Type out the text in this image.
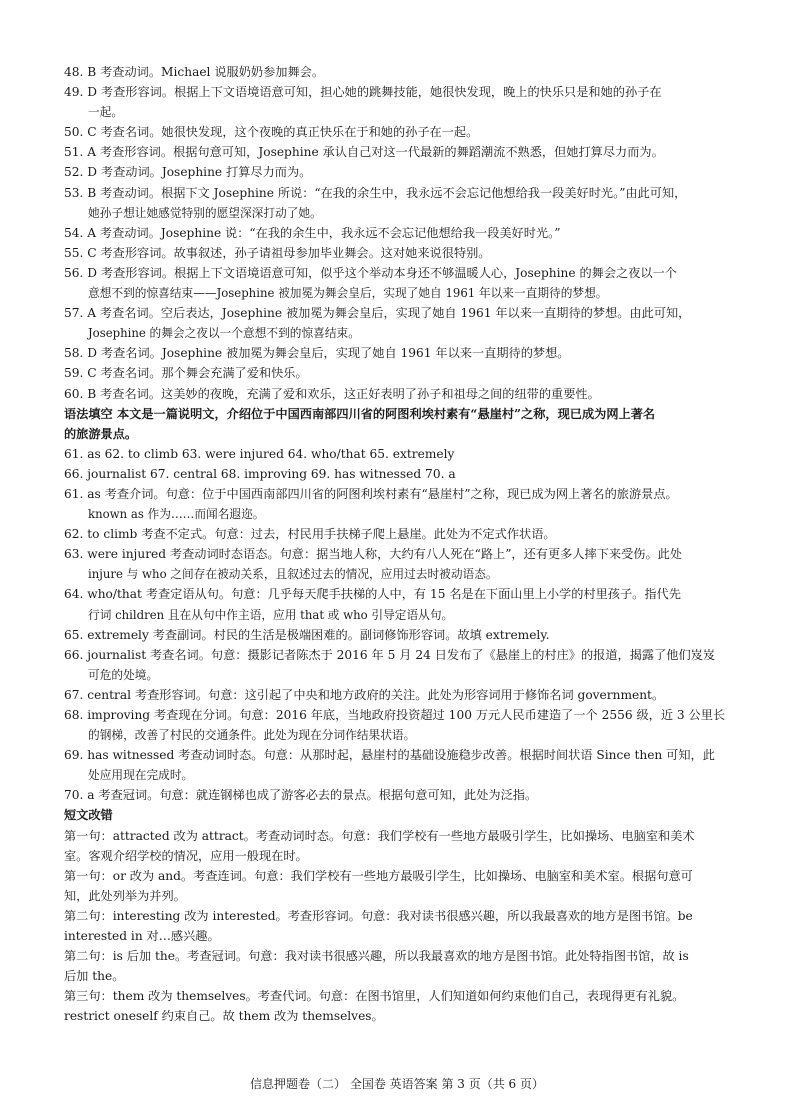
48. B 考查动词。Michael 说服奶奶参加舞会。
49. D 考查形容词。根据上下文语境语意可知，担心她的跳舞技能，她很快发现，晚上的快乐只是和她的孙子在
一起。
50. C 考查名词。她很快发现，这个夜晚的真正快乐在于和她的孙子在一起。
51. A 考查形容词。根据句意可知，Josephine 承认自己对这一代最新的舞蹈潮流不熟悉，但她打算尽力而为。
52. D 考查动词。Josephine 打算尽力而为。
53. B 考查动词。根据下文 Josephine 所说：“在我的余生中，我永远不会忘记他想给我一段美好时光。”由此可知，
她孙子想让她感觉特别的愿望深深打动了她。
54. A 考查动词。Josephine 说：“在我的余生中，我永远不会忘记他想给我一段美好时光。”
55. C 考查形容词。故事叙述，孙子请祖母参加毕业舞会。这对她来说很特别。
56. D 考查形容词。根据上下文语境语意可知，似乎这个举动本身还不够温暖人心，Josephine 的舞会之夜以一个
意想不到的惊喜结束——Josephine 被加冕为舞会皇后，实现了她自 1961 年以来一直期待的梦想。
57. A 考查名词。空后表达，Josephine 被加冕为舞会皇后，实现了她自 1961 年以来一直期待的梦想。由此可知，
Josephine 的舞会之夜以一个意想不到的惊喜结束。
58. D 考查名词。Josephine 被加冕为舞会皇后，实现了她自 1961 年以来一直期待的梦想。
59. C 考查名词。那个舞会充满了爱和快乐。
60. B 考查名词。这美妙的夜晚，充满了爱和欢乐，这正好表明了孙子和祖母之间的纽带的重要性。
语法填空 本文是一篇说明文，介绍位于中国西南部四川省的阿图利埃村素有“悬崖村”之称，现已成为网上著名
的旅游景点。
61. as 62. to climb 63. were injured 64. who/that 65. extremely
66. journalist 67. central 68. improving 69. has witnessed 70. a
61. as 考查介词。句意：位于中国西南部四川省的阿图利埃村素有“悬崖村”之称，现已成为网上著名的旅游景点。
known as 作为……而闻名遐迩。
62. to climb 考查不定式。句意：过去，村民用手扶梯子爬上悬崖。此处为不定式作状语。
63. were injured 考查动词时态语态。句意：据当地人称，大约有八人死在“路上”，还有更多人摔下来受伤。此处
injure 与 who 之间存在被动关系，且叙述过去的情况，应用过去时被动语态。
64. who/that 考查定语从句。句意：几乎每天爬手扶梯的人中，有 15 名是在下面山里上小学的村里孩子。指代先
行词 children 且在从句中作主语，应用 that 或 who 引导定语从句。
65. extremely 考查副词。村民的生活是极端困难的。副词修饰形容词。故填 extremely.
66. journalist 考查名词。句意：摄影记者陈杰于 2016 年 5 月 24 日发布了《悬崖上的村庄》的报道，揭露了他们岌岌
可危的处境。
67. central 考查形容词。句意：这引起了中央和地方政府的关注。此处为形容词用于修饰名词 government。
68. improving 考查现在分词。句意：2016 年底，当地政府投资超过 100 万元人民币建造了一个 2556 级，近 3 公里长
的钢梯，改善了村民的交通条件。此处为现在分词作结果状语。
69. has witnessed 考查动词时态。句意：从那时起，悬崖村的基础设施稳步改善。根据时间状语 Since then 可知，此
处应用现在完成时。
70. a 考查冠词。句意：就连钢梯也成了游客必去的景点。根据句意可知，此处为泛指。
短文改错
第一句：attracted 改为 attract。考查动词时态。句意：我们学校有一些地方最吸引学生，比如操场、电脑室和美术
室。客观介绍学校的情况，应用一般现在时。
第一句：or 改为 and。考查连词。句意：我们学校有一些地方最吸引学生，比如操场、电脑室和美术室。根据句意可
知，此处列举为并列。
第二句：interesting 改为 interested。考查形容词。句意：我对读书很感兴趣，所以我最喜欢的地方是图书馆。be
interested in 对…感兴趣。
第二句：is 后加 the。考查冠词。句意：我对读书很感兴趣，所以我最喜欢的地方是图书馆。此处特指图书馆，故 is
后加 the。
第三句：them 改为 themselves。考查代词。句意：在图书馆里，人们知道如何约束他们自己，表现得更有礼貌。
restrict oneself 约束自己。故 them 改为 themselves。
信息押题卷（二） 全国卷 英语答案 第 3 页（共 6 页）
